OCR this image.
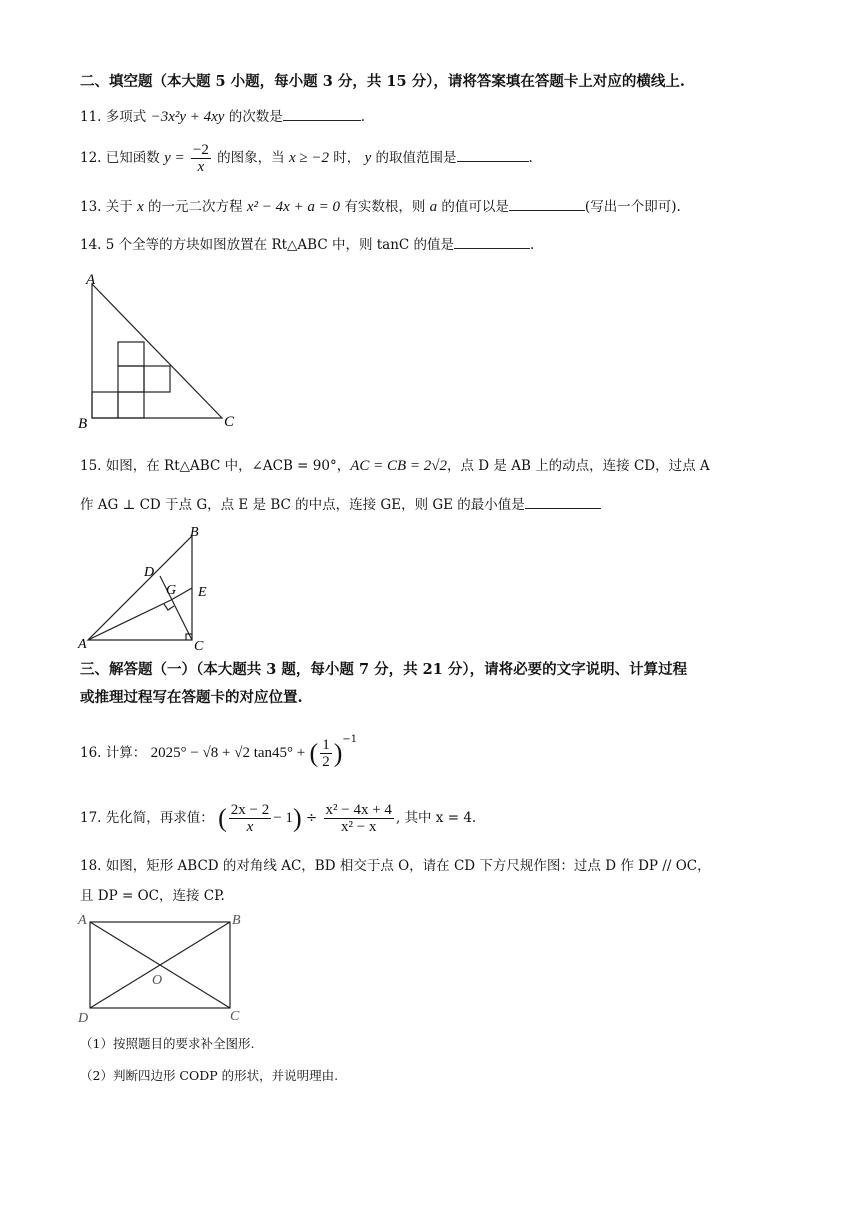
二、填空题（本大题 5 小题，每小题 3 分，共 15 分），请将答案填在答题卡上对应的横线上.
11. 多项式 −3x²y + 4xy 的次数是	.
12. 已知函数 $y = \frac{-2}{x}$ 的图象，当 x ≥ −2 时， y 的取值范围是	.
13. 关于 x 的一元二次方程 x² − 4x + a = 0 有实数根，则 a 的值可以是	(写出一个即可).
14. 5 个全等的方块如图放置在 Rt△ABC 中，则 tanC 的值是	.
A
B	C
15. 如图，在 Rt△ABC 中，∠ACB = 90°，AC = CB = 2√2，点 D 是 AB 上的动点，连接 CD，过点 A
作 AG ⊥ CD 于点 G，点 E 是 BC 的中点，连接 GE，则 GE 的最小值是
B
A	C
D
E
G
三、解答题（一）（本大题共 3 题，每小题 7 分，共 21 分），请将必要的文字说明、计算过程
或推理过程写在答题卡的对应位置.
16. 计算： 2025° − √8 + √2 tan45° + ( $\frac{1}{2} )^{-1}$
17. 先化简，再求值： ( $\frac{2x - 2}{x} - 1) \div \frac{\text{x² − 4x + 4}}{\text{x² − x}}$ , 其中 x = 4.
18. 如图，矩形 ABCD 的对角线 AC，BD 相交于点 O，请在 CD 下方尺规作图：过点 D 作 DP // OC，
且 DP = OC，连接 CP.
A	B
C
D
O
（1）按照题目的要求补全图形.
（2）判断四边形 CODP 的形状，并说明理由.
